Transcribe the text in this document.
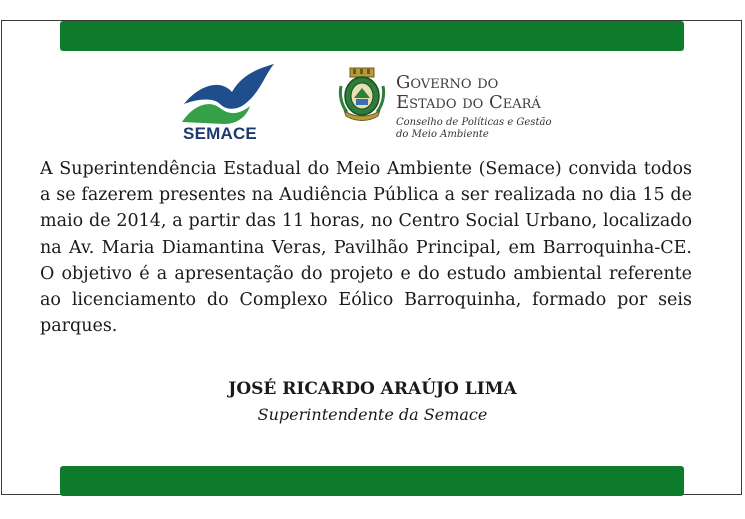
SEMACE
Governo do
Estado do Ceará
Conselho de Políticas e Gestão
do Meio Ambiente
A Superintendência Estadual do Meio Ambiente (Semace) convida todos a se fazerem presentes na Audiência Pública a ser realizada no dia 15 de maio de 2014, a partir das 11 horas, no Centro Social Urbano, localizado na Av. Maria Diamantina Veras, Pavilhão Principal, em Barroquinha-CE. O objetivo é a apresentação do projeto e do estudo ambiental referente ao licenciamento do Complexo Eólico Barroquinha, formado por seis parques.
JOSÉ RICARDO ARAÚJO LIMA
Superintendente da Semace
